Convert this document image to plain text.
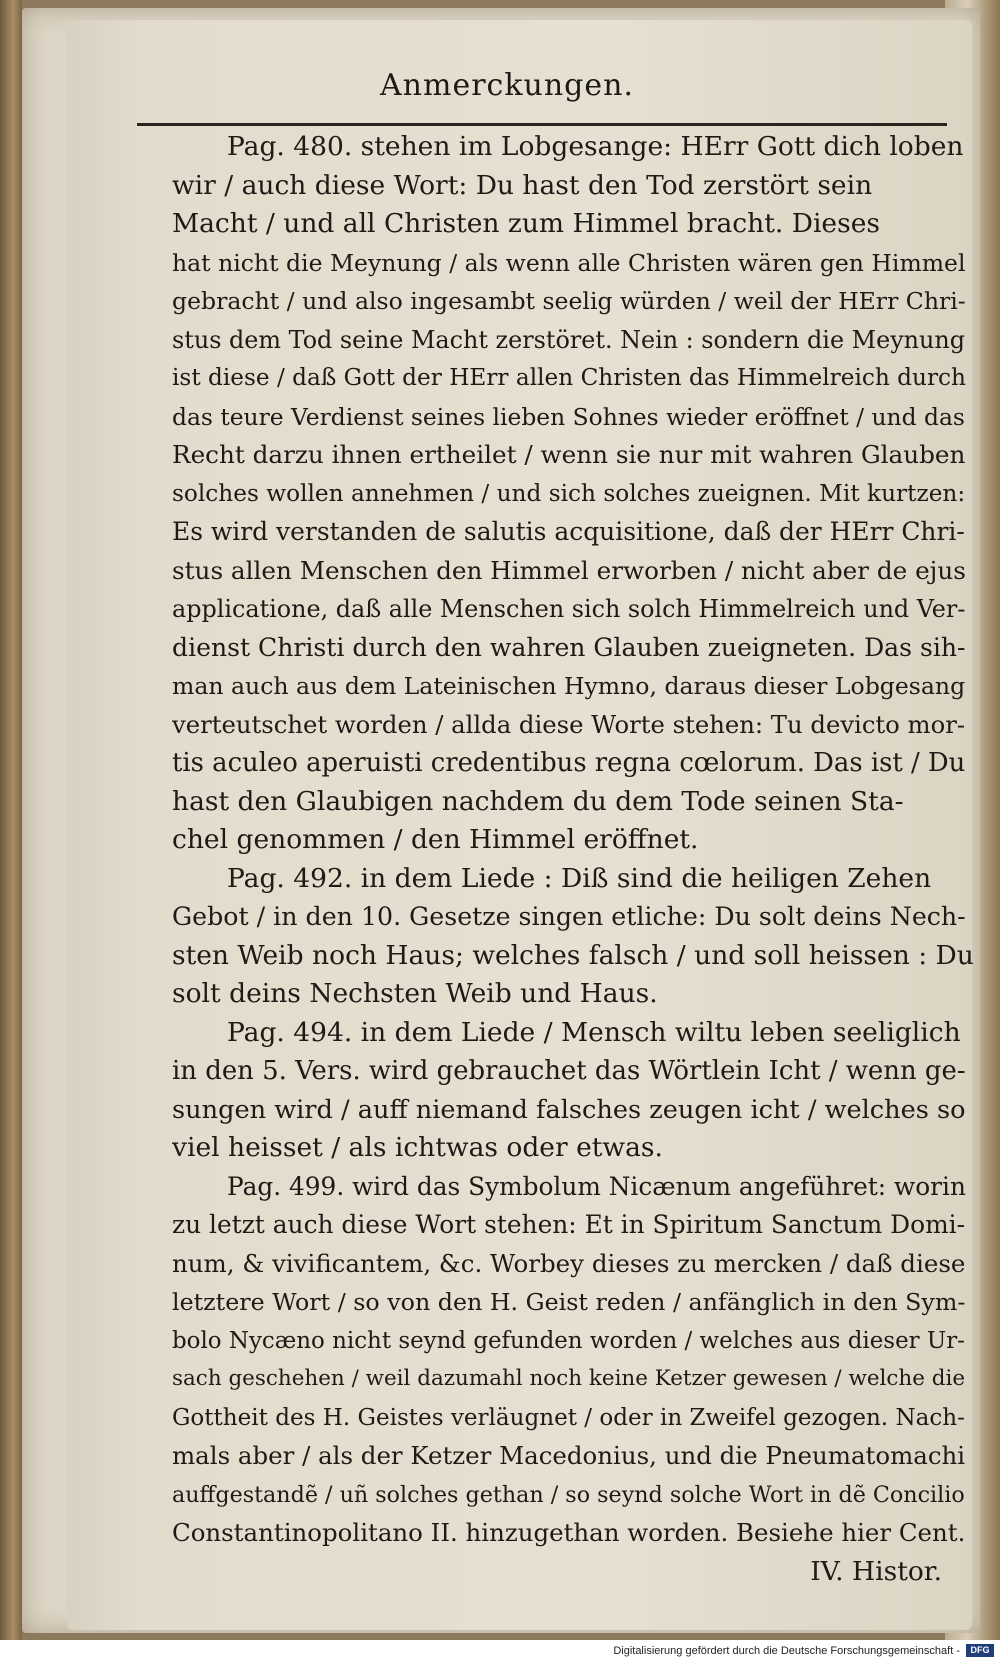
Anmerckungen.
Pag. 480. stehen im Lobgesange: HErr Gott dich loben
wir / auch diese Wort: Du hast den Tod zerstört sein
Macht / und all Christen zum Himmel bracht. Dieses
hat nicht die Meynung / als wenn alle Christen wären gen Himmel
gebracht / und also ingesambt seelig würden / weil der HErr Chri-
stus dem Tod seine Macht zerstöret. Nein : sondern die Meynung
ist diese / daß Gott der HErr allen Christen das Himmelreich durch
das teure Verdienst seines lieben Sohnes wieder eröffnet / und das
Recht darzu ihnen ertheilet / wenn sie nur mit wahren Glauben
solches wollen annehmen / und sich solches zueignen. Mit kurtzen:
Es wird verstanden de salutis acquisitione, daß der HErr Chri-
stus allen Menschen den Himmel erworben / nicht aber de ejus
applicatione, daß alle Menschen sich solch Himmelreich und Ver-
dienst Christi durch den wahren Glauben zueigneten. Das sih-
man auch aus dem Lateinischen Hymno, daraus dieser Lobgesang
verteutschet worden / allda diese Worte stehen: Tu devicto mor-
tis aculeo aperuisti credentibus regna cœlorum. Das ist / Du
hast den Glaubigen nachdem du dem Tode seinen Sta-
chel genommen / den Himmel eröffnet.
Pag. 492. in dem Liede : Diß sind die heiligen Zehen
Gebot / in den 10. Gesetze singen etliche: Du solt deins Nech-
sten Weib noch Haus; welches falsch / und soll heissen : Du
solt deins Nechsten Weib und Haus.
Pag. 494. in dem Liede / Mensch wiltu leben seeliglich
in den 5. Vers. wird gebrauchet das Wörtlein Icht / wenn ge-
sungen wird / auff niemand falsches zeugen icht / welches so
viel heisset / als ichtwas oder etwas.
Pag. 499. wird das Symbolum Nicænum angeführet: worin
zu letzt auch diese Wort stehen: Et in Spiritum Sanctum Domi-
num, & vivificantem, &c. Worbey dieses zu mercken / daß diese
letztere Wort / so von den H. Geist reden / anfänglich in den Sym-
bolo Nycæno nicht seynd gefunden worden / welches aus dieser Ur-
sach geschehen / weil dazumahl noch keine Ketzer gewesen / welche die
Gottheit des H. Geistes verläugnet / oder in Zweifel gezogen. Nach-
mals aber / als der Ketzer Macedonius, und die Pneumatomachi
auffgestandẽ / uñ solches gethan / so seynd solche Wort in dẽ Concilio
Constantinopolitano II. hinzugethan worden. Besiehe hier Cent.
IV. Histor.
Digitalisierung gefördert durch die Deutsche Forschungsgemeinschaft -	DFG
